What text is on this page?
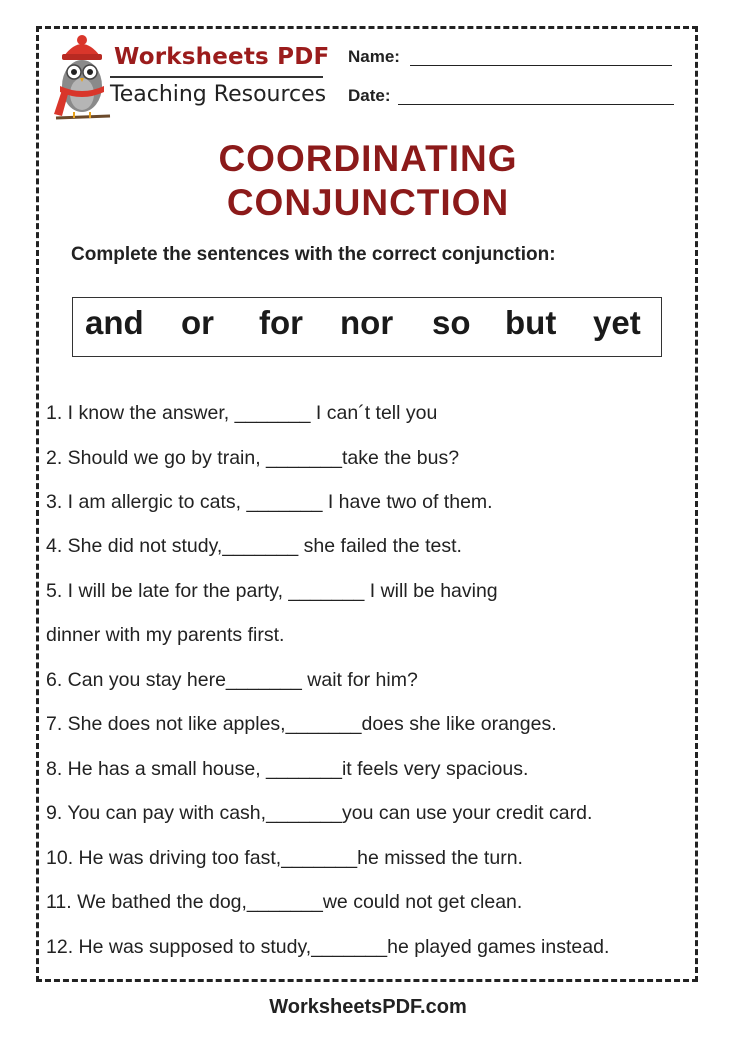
Worksheets PDF
Teaching Resources
Name:
Date:
COORDINATING
CONJUNCTION
Complete the sentences with the correct conjunction:
and or for nor so but yet
1. I know the answer, _______ I can´t tell you
2. Should we go by train, _______take the bus?
3. I am allergic to cats, _______ I have two of them.
4. She did not study,_______ she failed the test.
5. I will be late for the party, _______ I will be having
dinner with my parents first.
6. Can you stay here_______ wait for him?
7. She does not like apples,_______does she like oranges.
8. He has a small house, _______it feels very spacious.
9. You can pay with cash,_______you can use your credit card.
10. He was driving too fast,_______he missed the turn.
11. We bathed the dog,_______we could not get clean.
12. He was supposed to study,_______he played games instead.
WorksheetsPDF.com
